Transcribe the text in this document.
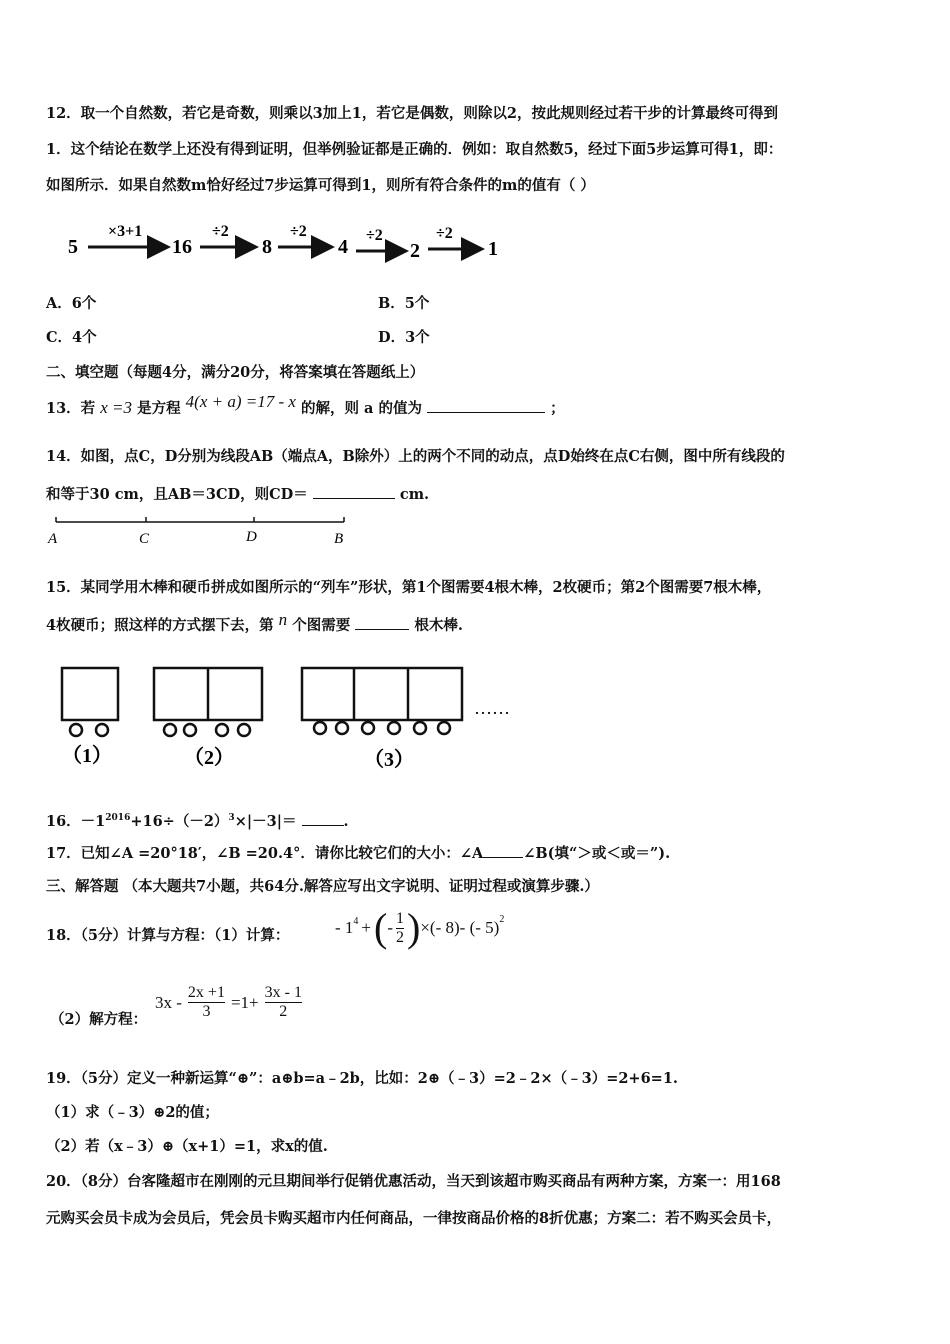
12．取一个自然数，若它是奇数，则乘以3加上1，若它是偶数，则除以2，按此规则经过若干步的计算最终可得到
1．这个结论在数学上还没有得到证明，但举例验证都是正确的．例如：取自然数5，经过下面5步运算可得1，即：
如图所示．如果自然数m恰好经过7步运算可得到1，则所有符合条件的m的值有（ ）
5
×3+1
16
÷2
8
÷2
4
÷2
2
÷2
1
A．6个	B．5个
C．4个	D．3个
二、填空题（每题4分，满分20分，将答案填在答题纸上）
13．若 x =3 是方程 4(x + a) =17 - x 的解，则 a 的值为	；
14．如图，点C，D分别为线段AB（端点A，B除外）上的两个不同的动点，点D始终在点C右侧，图中所有线段的
和等于30 cm，且AB＝3CD，则CD＝	cm.
A	C	D	B
15．某同学用木棒和硬币拼成如图所示的“列车”形状，第1个图需要4根木棒，2枚硬币；第2个图需要7根木棒，
4枚硬币；照这样的方式摆下去，第 n 个图需要	根木棒.
（1）	（2）	（3）
……
16．$-1^{2016}+16\div(-2)^3\times|-3|=$	.
17．已知∠A =20°18′，∠B =20.4°．请你比较它们的大小：∠A	∠B(填“＞或＜或＝”).
三、解答题 （本大题共7小题，共64分.解答应写出文字说明、证明过程或演算步骤.）
18．（5分）计算与方程：（1）计算：	- $1^4$ + ( - $\frac{1}{2}$ ) ×(- 8)- (- 5)$^2$
（2）解方程：
$3x - \frac{2x +1}{3} =1+ \frac{3x - 1}{2}$
19．（5分）定义一种新运算“⊕”：a⊕b=a﹣2b，比如：2⊕（﹣3）=2﹣2×（﹣3）=2+6=1.
（1）求（﹣3）⊕2的值；
（2）若（x﹣3）⊕（x+1）=1，求x的值.
20．（8分）台客隆超市在刚刚的元旦期间举行促销优惠活动，当天到该超市购买商品有两种方案，方案一：用168
元购买会员卡成为会员后，凭会员卡购买超市内任何商品，一律按商品价格的8折优惠；方案二：若不购买会员卡，
